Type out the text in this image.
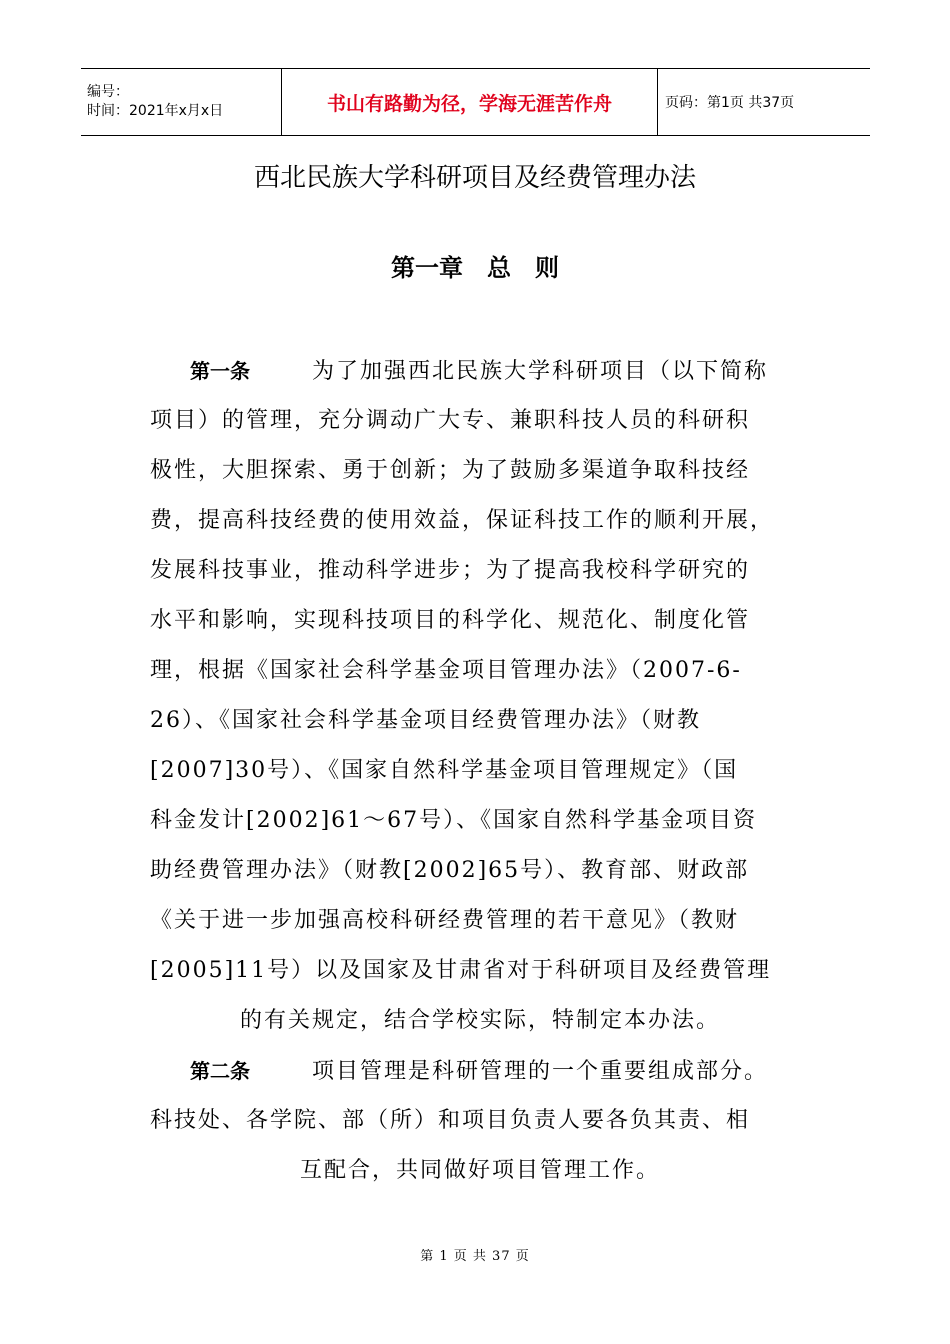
编号：
时间：2021年x月x日	书山有路勤为径，学海无涯苦作舟	页码：第1页 共37页
西北民族大学科研项目及经费管理办法
第一章　总　则
第一条	为了加强西北民族大学科研项目（以下简称
项目）的管理，充分调动广大专、兼职科技人员的科研积
极性，大胆探索、勇于创新；为了鼓励多渠道争取科技经
费，提高科技经费的使用效益，保证科技工作的顺利开展，
发展科技事业，推动科学进步；为了提高我校科学研究的
水平和影响，实现科技项目的科学化、规范化、制度化管
理，根据《国家社会科学基金项目管理办法》（2007-6-
26）、《国家社会科学基金项目经费管理办法》（财教
[2007]30号）、《国家自然科学基金项目管理规定》（国
科金发计[2002]61～67号）、《国家自然科学基金项目资
助经费管理办法》（财教[2002]65号）、教育部、财政部
《关于进一步加强高校科研经费管理的若干意见》（教财
[2005]11号）以及国家及甘肃省对于科研项目及经费管理
的有关规定，结合学校实际，特制定本办法。
第二条	项目管理是科研管理的一个重要组成部分。
科技处、各学院、部（所）和项目负责人要各负其责、相
互配合，共同做好项目管理工作。
第 1 页 共 37 页
